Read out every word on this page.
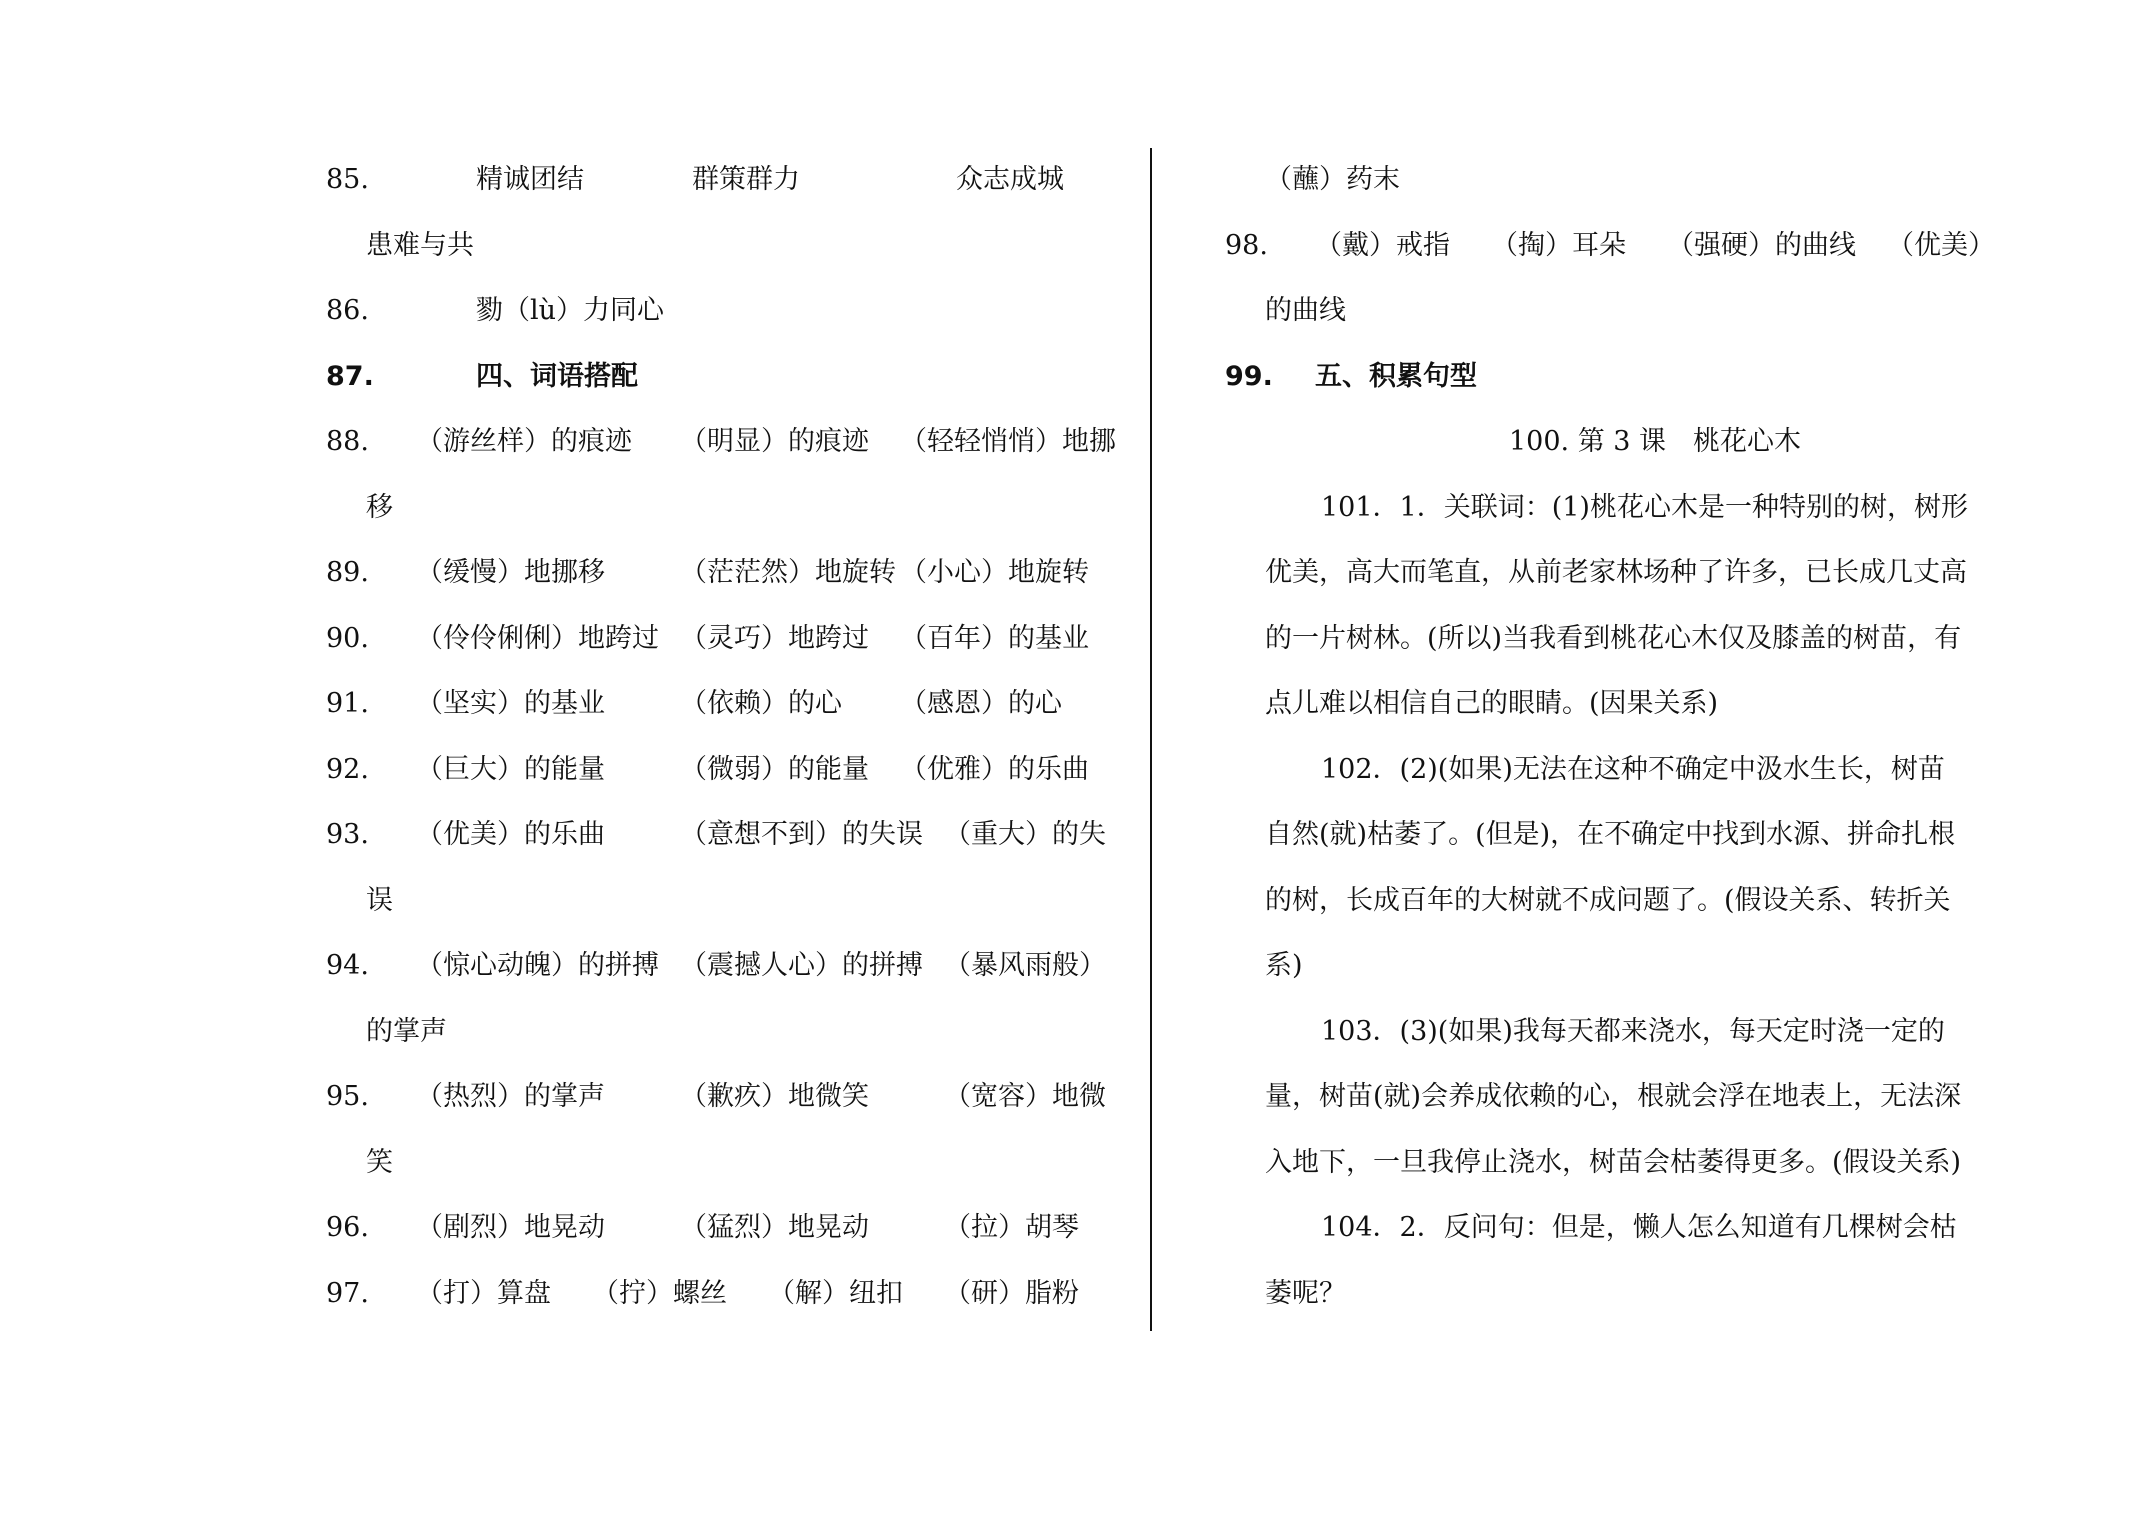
85.	精诚团结	群策群力	众志成城
患难与共
86.	勠（lù）力同心
87.	四、词语搭配
88. （游丝样）的痕迹 （明显）的痕迹 （轻轻悄悄）地挪
移
89. （缓慢）地挪移	（茫茫然）地旋转 （小心）地旋转
90. （伶伶俐俐）地跨过 （灵巧）地跨过 （百年）的基业
91. （坚实）的基业	（依赖）的心 （感恩）的心
92. （巨大）的能量	（微弱）的能量 （优雅）的乐曲
93. （优美）的乐曲	（意想不到）的失误 （重大）的失
误
94. （惊心动魄）的拼搏 （震撼人心）的拼搏 （暴风雨般）
的掌声
95. （热烈）的掌声	（歉疚）地微笑	（宽容）地微
笑
96. （剧烈）地晃动	（猛烈）地晃动	（拉）胡琴
97. （打）算盘 （拧）螺丝 （解）纽扣 （研）脂粉
（蘸）药末
98. （戴）戒指 （掏）耳朵 （强硬）的曲线 （优美）
的曲线
99. 五、积累句型
100. 第 3 课　桃花心木
101．1．关联词：(1)桃花心木是一种特别的树，树形
优美，高大而笔直，从前老家林场种了许多，已长成几丈高
的一片树林。(所以)当我看到桃花心木仅及膝盖的树苗，有
点儿难以相信自己的眼睛。(因果关系)
102．(2)(如果)无法在这种不确定中汲水生长，树苗
自然(就)枯萎了。(但是)，在不确定中找到水源、拼命扎根
的树，长成百年的大树就不成问题了。(假设关系、转折关
系)
103．(3)(如果)我每天都来浇水，每天定时浇一定的
量，树苗(就)会养成依赖的心，根就会浮在地表上，无法深
入地下，一旦我停止浇水，树苗会枯萎得更多。(假设关系)
104．2．反问句：但是，懒人怎么知道有几棵树会枯
萎呢？
